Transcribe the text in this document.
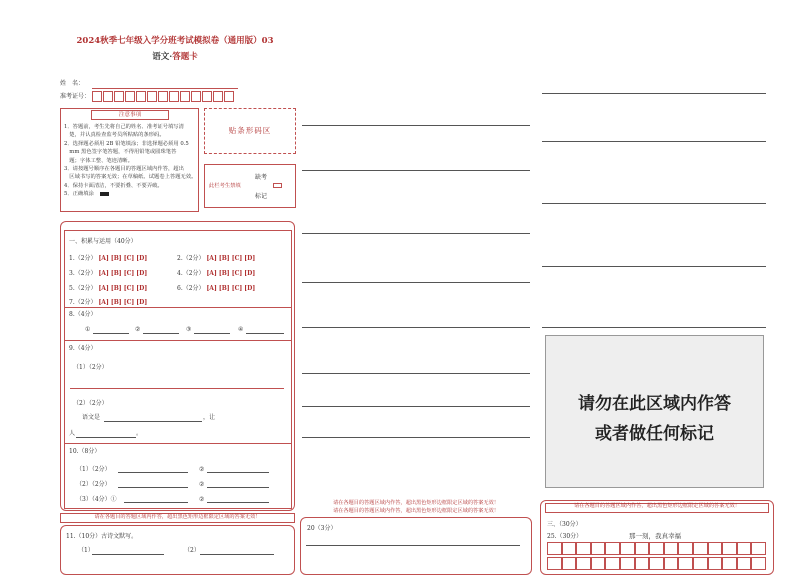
2024秋季七年级入学分班考试模拟卷（通用版）03
语文·答题卡
姓　名：
准考证号：
注意事项
1．答题前，考生先将自己的姓名、准考证号填写清
　楚，并认真检查监考员所粘贴的条形码。
2．选择题必须用 2B 铅笔填涂；非选择题必须用 0.5
　mm 黑色签字笔答题，不得用铅笔或圆珠笔答
　题；字体工整、笔迹清晰。
3．请按题号顺序在各题目的答题区域内作答，超出
　区域书写的答案无效；在草稿纸、试题卷上答题无效。
4．保持卡面清洁，不要折叠、不要弄破。
5．正确填涂
贴条形码区
缺考
此栏考生禁填
标记
一、积累与运用（40分）
1.（2分） [A] [B] [C] [D]	2.（2分） [A] [B] [C] [D]
3.（2分） [A] [B] [C] [D]	4.（2分） [A] [B] [C] [D]
5.（2分） [A] [B] [C] [D]	6.（2分） [A] [B] [C] [D]
7.（2分） [A] [B] [C] [D]
8.（4分）
①	②	③	④
9.（4分）
（1）（2分）
（2）（2分）
语文是	，让
人	。
10.（8分）
（1）（2分）	②
（2）（2分）	②
（3）（4分）①	②
请在各题目的答题区域内作答，超出黑色矩形边框限定区域的答案无效！
11.（10分）古诗文默写。
（1）	（2）
请在各题目的答题区域内作答，超出黑色矩形边框限定区域的答案无效！
请在各题目的答题区域内作答，超出黑色矩形边框限定区域的答案无效！
20（3分）
请勿在此区域内作答
或者做任何标记
请在各题目的答题区域内作答，超出黑色矩形边框限定区域的答案无效！
三、（30分）
25.（30分）	那一刻，我真幸福
